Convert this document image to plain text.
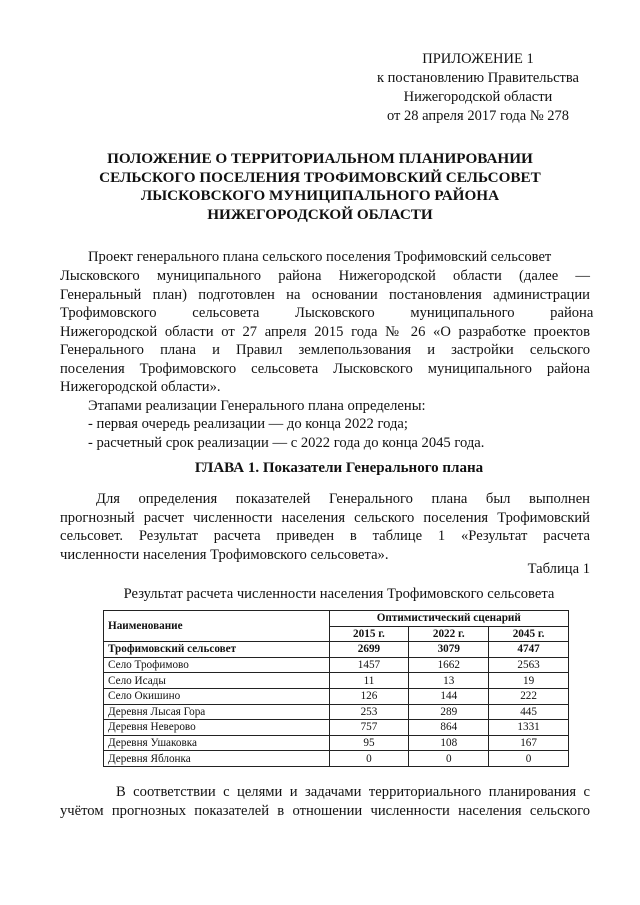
ПРИЛОЖЕНИЕ 1
к постановлению Правительства
Нижегородской области
от 28 апреля 2017 года № 278
ПОЛОЖЕНИЕ О ТЕРРИТОРИАЛЬНОМ ПЛАНИРОВАНИИ
СЕЛЬСКОГО ПОСЕЛЕНИЯ ТРОФИМОВСКИЙ СЕЛЬСОВЕТ
ЛЫСКОВСКОГО МУНИЦИПАЛЬНОГО РАЙОНА
НИЖЕГОРОДСКОЙ ОБЛАСТИ
Проект генерального плана сельского поселения Трофимовский сельсовет
Лысковского муниципального района Нижегородской области (далее —
Генеральный план) подготовлен на основании постановления администрации
Трофимовского сельсовета Лысковского муниципального района
Нижегородской области от 27 апреля 2015 года № 26 «О разработке проектов
Генерального плана и Правил землепользования и застройки сельского
поселения Трофимовского сельсовета Лысковского муниципального района
Нижегородской области».
Этапами реализации Генерального плана определены:
- первая очередь реализации — до конца 2022 года;
- расчетный срок реализации — с 2022 года до конца 2045 года.
ГЛАВА 1. Показатели Генерального плана
Для определения показателей Генерального плана был выполнен
прогнозный расчет численности населения сельского поселения Трофимовский
сельсовет. Результат расчета приведен в таблице 1 «Результат расчета
численности населения Трофимовского сельсовета».
Таблица 1
Результат расчета численности населения Трофимовского сельсовета
Наименование	Оптимистический сценарий		
	2015 г.	2022 г.	2045 г.
Трофимовский сельсовет	2699	3079	4747
Село Трофимово	1457	1662	2563
Село Исады	11	13	19
Село Окишино	126	144	222
Деревня Лысая Гора	253	289	445
Деревня Неверово	757	864	1331
Деревня Ушаковка	95	108	167
Деревня Яблонка	0	0	0
В соответствии с целями и задачами территориального планирования с
учётом прогнозных показателей в отношении численности населения сельского
